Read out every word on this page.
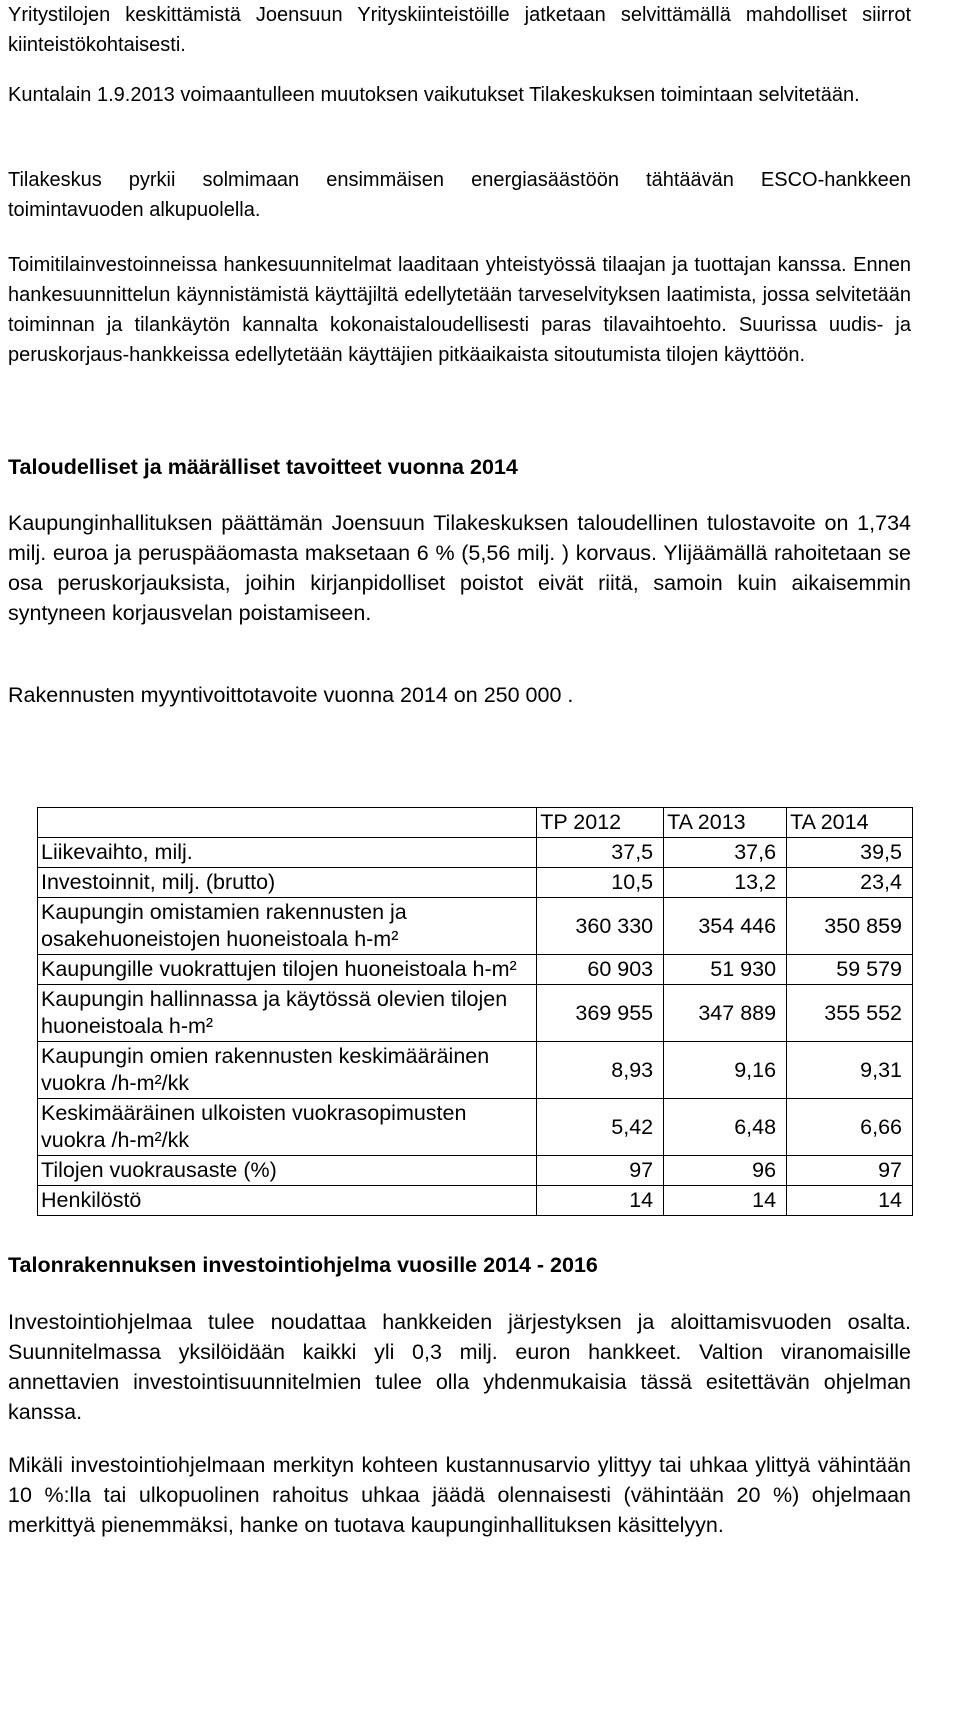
Yritystilojen keskittämistä Joensuun Yrityskiinteistöille jatketaan selvittämällä mahdolliset siirrot kiinteistökohtaisesti.

Kuntalain 1.9.2013 voimaantulleen muutoksen vaikutukset Tilakeskuksen toimintaan selvitetään.

Tilakeskus pyrkii solmimaan ensimmäisen energiasäästöön tähtäävän ESCO-hankkeen toimintavuoden alkupuolella.

Toimitilainvestoinneissa hankesuunnitelmat laaditaan yhteistyössä tilaajan ja tuottajan kanssa. Ennen hankesuunnittelun käynnistämistä käyttäjiltä edellytetään tarveselvityksen laatimista, jossa selvitetään toiminnan ja tilankäytön kannalta kokonaistaloudellisesti paras tilavaihtoehto. Suurissa uudis- ja peruskorjaus-hankkeissa edellytetään käyttäjien pitkäaikaista sitoutumista tilojen käyttöön.

Taloudelliset ja määrälliset tavoitteet vuonna 2014

Kaupunginhallituksen päättämän Joensuun Tilakeskuksen taloudellinen tulostavoite on 1,734 milj. euroa ja peruspääomasta maksetaan 6 % (5,56 milj. ) korvaus. Ylijäämällä rahoitetaan se osa peruskorjauksista, joihin kirjanpidolliset poistot eivät riitä, samoin kuin aikaisemmin syntyneen korjausvelan poistamiseen.

Rakennusten myyntivoittotavoite vuonna 2014 on 250 000 .

	TP 2012	TA 2013	TA 2014
Liikevaihto, milj.	37,5	37,6	39,5
Investoinnit, milj. (brutto)	10,5	13,2	23,4
Kaupungin omistamien rakennusten ja osakehuoneistojen huoneistoala h-m²	360 330	354 446	350 859
Kaupungille vuokrattujen tilojen huoneistoala h-m²	60 903	51 930	59 579
Kaupungin hallinnassa ja käytössä olevien tilojen huoneistoala h-m²	369 955	347 889	355 552
Kaupungin omien rakennusten keskimääräinen vuokra /h-m²/kk	8,93	9,16	9,31
Keskimääräinen ulkoisten vuokrasopimusten vuokra /h-m²/kk	5,42	6,48	6,66
Tilojen vuokrausaste (%)	97	96	97
Henkilöstö	14	14	14
Talonrakennuksen investointiohjelma vuosille 2014 - 2016

Investointiohjelmaa tulee noudattaa hankkeiden järjestyksen ja aloittamisvuoden osalta. Suunnitelmassa yksilöidään kaikki yli 0,3 milj. euron hankkeet. Valtion viranomaisille annettavien investointisuunnitelmien tulee olla yhdenmukaisia tässä esitettävän ohjelman kanssa.

Mikäli investointiohjelmaan merkityn kohteen kustannusarvio ylittyy tai uhkaa ylittyä vähintään 10 %:lla tai ulkopuolinen rahoitus uhkaa jäädä olennaisesti (vähintään 20 %) ohjelmaan merkittyä pienemmäksi, hanke on tuotava kaupunginhallituksen käsittelyyn.
